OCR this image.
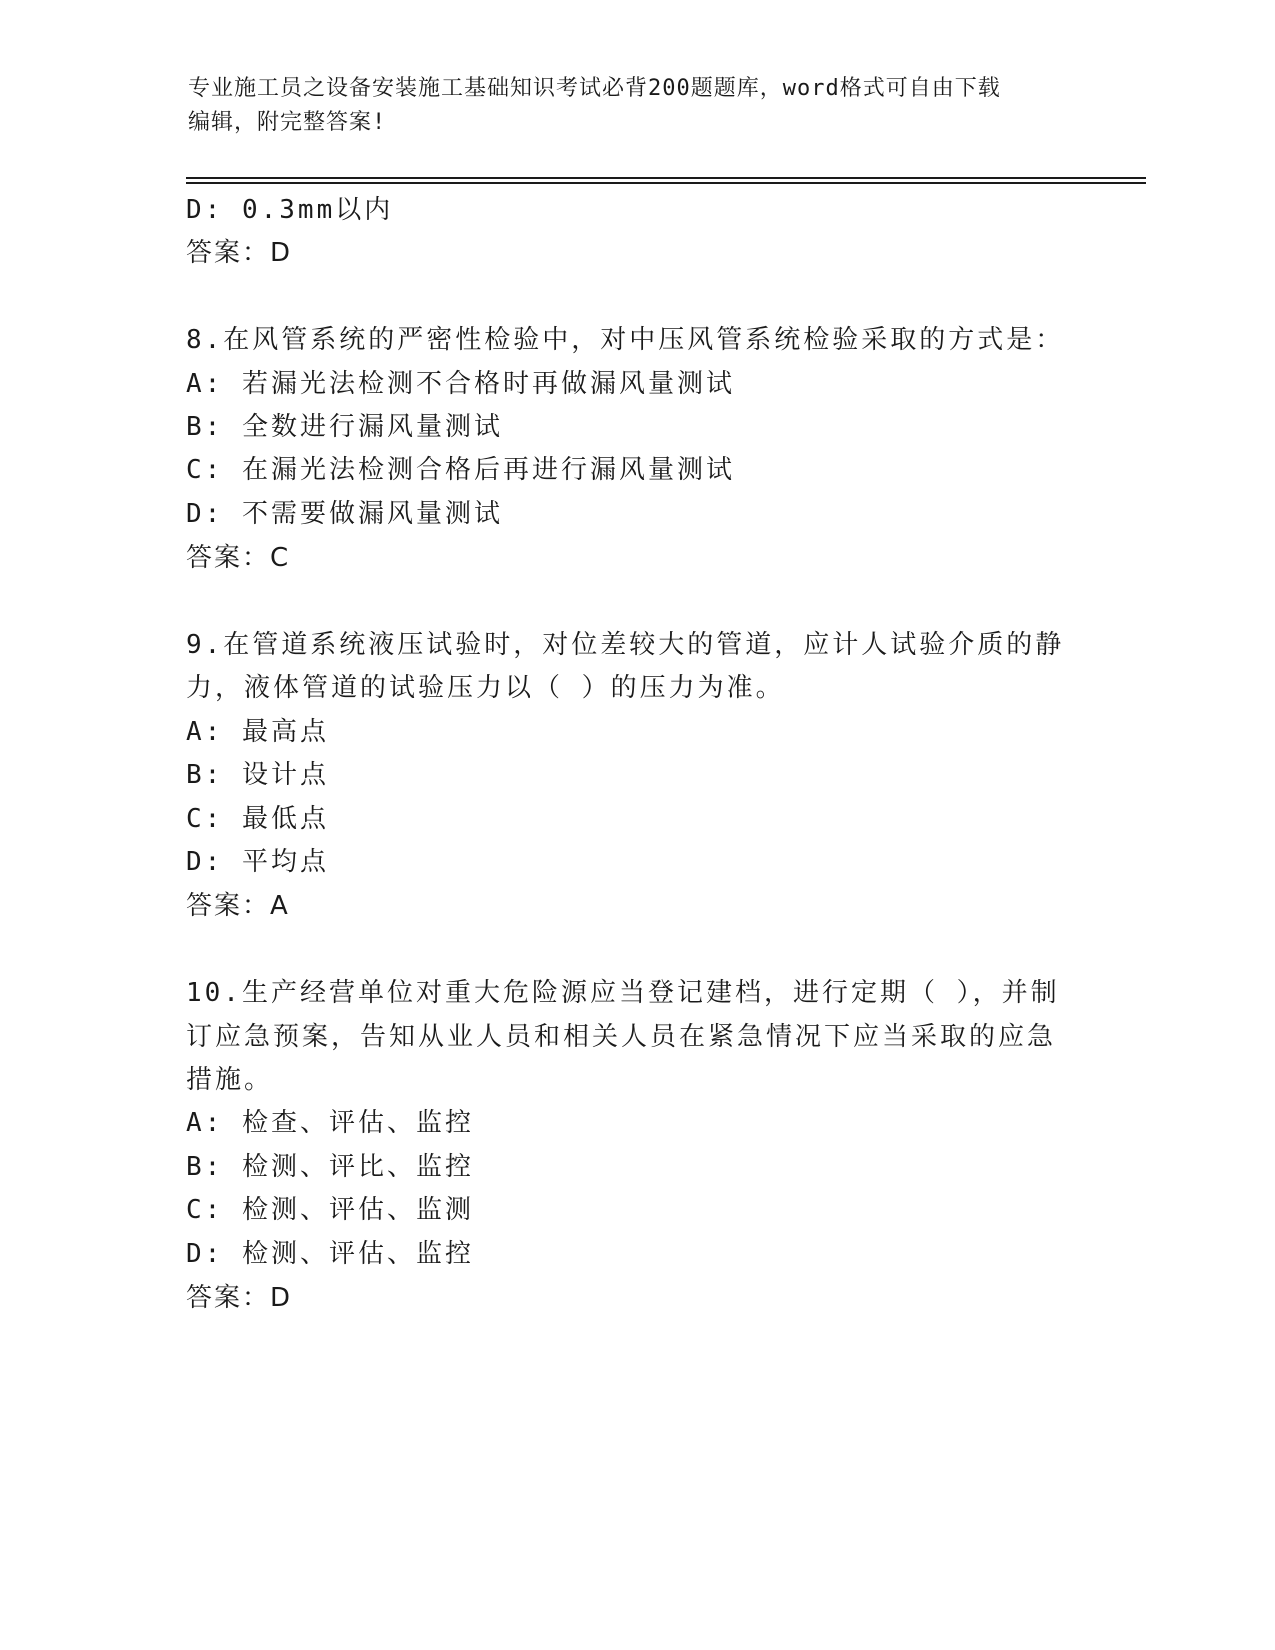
专业施工员之设备安装施工基础知识考试必背200题题库，word格式可自由下载
编辑，附完整答案!
D: 0.3mm以内
答案：D
8.在风管系统的严密性检验中，对中压风管系统检验采取的方式是：
A: 若漏光法检测不合格时再做漏风量测试
B: 全数进行漏风量测试
C: 在漏光法检测合格后再进行漏风量测试
D: 不需要做漏风量测试
答案：C
9.在管道系统液压试验时，对位差较大的管道，应计人试验介质的静
力，液体管道的试验压力以（ ）的压力为准。
A: 最高点
B: 设计点
C: 最低点
D: 平均点
答案：A
10.生产经营单位对重大危险源应当登记建档，进行定期（ ），并制
订应急预案，告知从业人员和相关人员在紧急情况下应当采取的应急
措施。
A: 检查、评估、监控
B: 检测、评比、监控
C: 检测、评估、监测
D: 检测、评估、监控
答案：D
